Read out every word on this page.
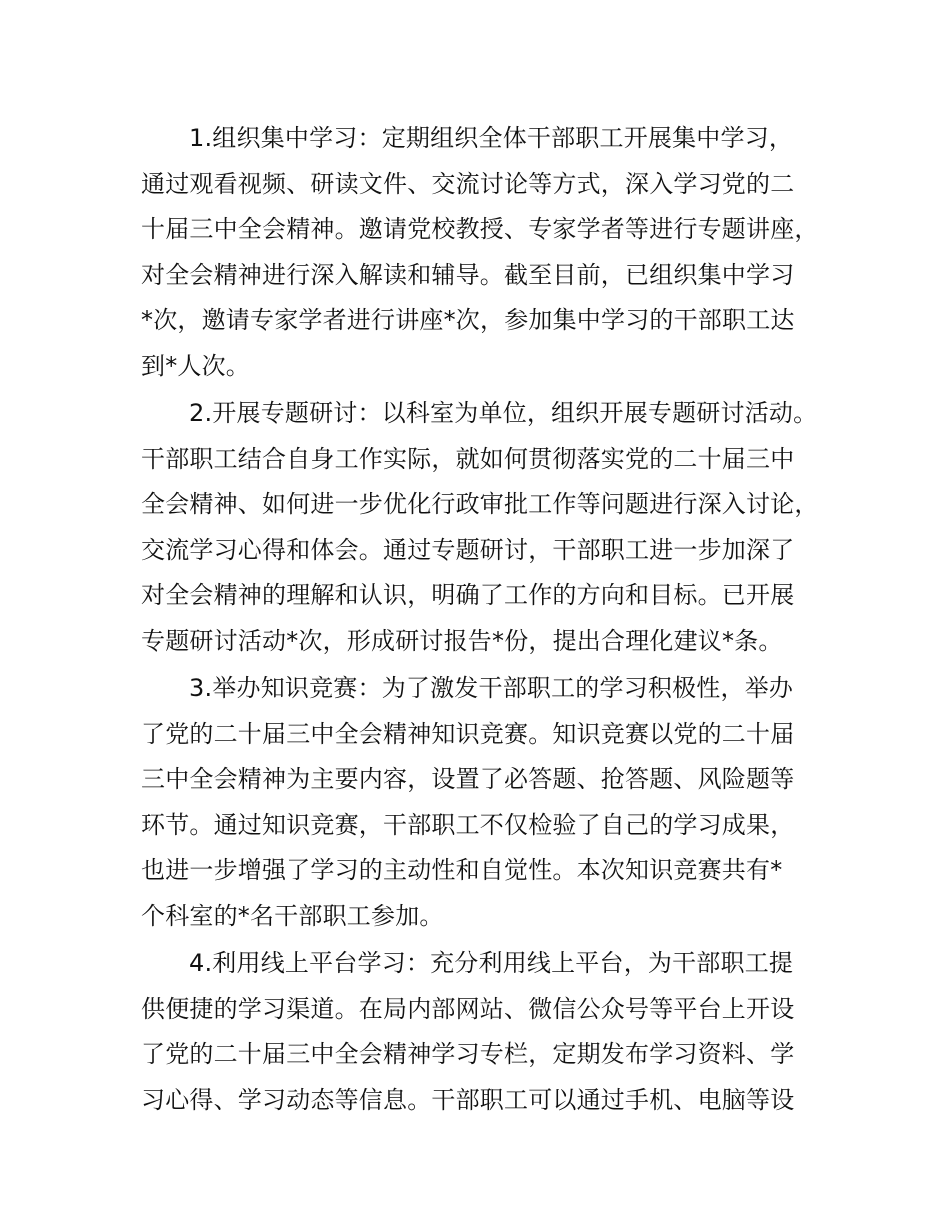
1.组织集中学习：定期组织全体干部职工开展集中学习，
通过观看视频、研读文件、交流讨论等方式，深入学习党的二
十届三中全会精神。邀请党校教授、专家学者等进行专题讲座，
对全会精神进行深入解读和辅导。截至目前，已组织集中学习
*次，邀请专家学者进行讲座*次，参加集中学习的干部职工达
到*人次。
2.开展专题研讨：以科室为单位，组织开展专题研讨活动。
干部职工结合自身工作实际，就如何贯彻落实党的二十届三中
全会精神、如何进一步优化行政审批工作等问题进行深入讨论，
交流学习心得和体会。通过专题研讨，干部职工进一步加深了
对全会精神的理解和认识，明确了工作的方向和目标。已开展
专题研讨活动*次，形成研讨报告*份，提出合理化建议*条。
3.举办知识竞赛：为了激发干部职工的学习积极性，举办
了党的二十届三中全会精神知识竞赛。知识竞赛以党的二十届
三中全会精神为主要内容，设置了必答题、抢答题、风险题等
环节。通过知识竞赛，干部职工不仅检验了自己的学习成果，
也进一步增强了学习的主动性和自觉性。本次知识竞赛共有*
个科室的*名干部职工参加。
4.利用线上平台学习：充分利用线上平台，为干部职工提
供便捷的学习渠道。在局内部网站、微信公众号等平台上开设
了党的二十届三中全会精神学习专栏，定期发布学习资料、学
习心得、学习动态等信息。干部职工可以通过手机、电脑等设
